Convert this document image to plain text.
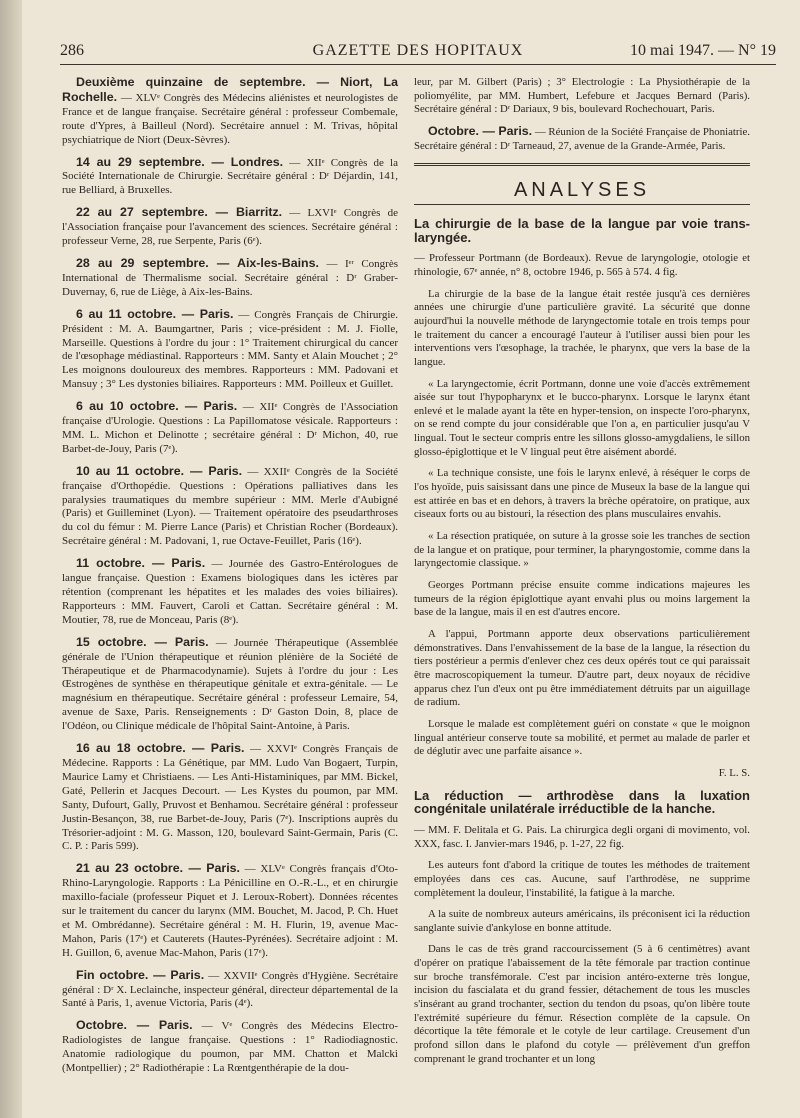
286	GAZETTE DES HOPITAUX	10 mai 1947. — N° 19

Deuxième quinzaine de septembre. — Niort, La Rochelle. — XLVᵉ Congrès des Médecins aliénistes et neurologistes de France et de langue française. Secrétaire général : professeur Combemale, route d'Ypres, à Bailleul (Nord). Secrétaire annuel : M. Trivas, hôpital psychiatrique de Niort (Deux-Sèvres).

14 au 29 septembre. — Londres. — XIIᵉ Congrès de la Société Internationale de Chirurgie. Secrétaire général : Dʳ Déjardin, 141, rue Belliard, à Bruxelles.

22 au 27 septembre. — Biarritz. — LXVIᵉ Congrès de l'Association française pour l'avancement des sciences. Secrétaire général : professeur Verne, 28, rue Serpente, Paris (6ᵉ).

28 au 29 septembre. — Aix-les-Bains. — Iᵉʳ Congrès International de Thermalisme social. Secrétaire général : Dʳ Graber-Duvernay, 6, rue de Liège, à Aix-les-Bains.

6 au 11 octobre. — Paris. — Congrès Français de Chirurgie. Président : M. A. Baumgartner, Paris ; vice-président : M. J. Fiolle, Marseille. Questions à l'ordre du jour : 1° Traitement chirurgical du cancer de l'œsophage médiastinal. Rapporteurs : MM. Santy et Alain Mouchet ; 2° Les moignons douloureux des membres. Rapporteurs : MM. Padovani et Mansuy ; 3° Les dystonies biliaires. Rapporteurs : MM. Poilleux et Guillet.

6 au 10 octobre. — Paris. — XIIᵉ Congrès de l'Association française d'Urologie. Questions : La Papillomatose vésicale. Rapporteurs : MM. L. Michon et Delinotte ; secrétaire général : Dʳ Michon, 40, rue Barbet-de-Jouy, Paris (7ᵉ).

10 au 11 octobre. — Paris. — XXIIᵉ Congrès de la Société française d'Orthopédie. Questions : Opérations palliatives dans les paralysies traumatiques du membre supérieur : MM. Merle d'Aubigné (Paris) et Guilleminet (Lyon). — Traitement opératoire des pseudarthroses du col du fémur : M. Pierre Lance (Paris) et Christian Rocher (Bordeaux). Secrétaire général : M. Padovani, 1, rue Octave-Feuillet, Paris (16ᵉ).

11 octobre. — Paris. — Journée des Gastro-Entérologues de langue française. Question : Examens biologiques dans les ictères par rétention (comprenant les hépatites et les malades des voies biliaires). Rapporteurs : MM. Fauvert, Caroli et Cattan. Secrétaire général : M. Moutier, 78, rue de Monceau, Paris (8ᵉ).

15 octobre. — Paris. — Journée Thérapeutique (Assemblée générale de l'Union thérapeutique et réunion plénière de la Société de Thérapeutique et de Pharmacodynamie). Sujets à l'ordre du jour : Les Œstrogènes de synthèse en thérapeutique génitale et extra-génitale. — Le magnésium en thérapeutique. Secrétaire général : professeur Lemaire, 54, avenue de Saxe, Paris. Renseignements : Dʳ Gaston Doin, 8, place de l'Odéon, ou Clinique médicale de l'hôpital Saint-Antoine, à Paris.

16 au 18 octobre. — Paris. — XXVIᵉ Congrès Français de Médecine. Rapports : La Génétique, par MM. Ludo Van Bogaert, Turpin, Maurice Lamy et Christiaens. — Les Anti-Histaminiques, par MM. Bickel, Gaté, Pellerin et Jacques Decourt. — Les Kystes du poumon, par MM. Santy, Dufourt, Gally, Pruvost et Benhamou. Secrétaire général : professeur Justin-Besançon, 38, rue Barbet-de-Jouy, Paris (7ᵉ). Inscriptions auprès du Trésorier-adjoint : M. G. Masson, 120, boulevard Saint-Germain, Paris (C. C. P. : Paris 599).

21 au 23 octobre. — Paris. — XLVᵉ Congrès français d'Oto-Rhino-Laryngologie. Rapports : La Pénicilline en O.-R.-L., et en chirurgie maxillo-faciale (professeur Piquet et J. Leroux-Robert). Données récentes sur le traitement du cancer du larynx (MM. Bouchet, M. Jacod, P. Ch. Huet et M. Ombrédanne). Secrétaire général : M. H. Flurin, 19, avenue Mac-Mahon, Paris (17ᵉ) et Cauterets (Hautes-Pyrénées). Secrétaire adjoint : M. H. Guillon, 6, avenue Mac-Mahon, Paris (17ᵉ).

Fin octobre. — Paris. — XXVIIᵉ Congrès d'Hygiène. Secrétaire général : Dʳ X. Leclainche, inspecteur général, directeur départemental de la Santé à Paris, 1, avenue Victoria, Paris (4ᵉ).

Octobre. — Paris. — Vᵉ Congrès des Médecins Electro-Radiologistes de langue française. Questions : 1° Radiodiagnostic. Anatomie radiologique du poumon, par MM. Chatton et Malcki (Montpellier) ; 2° Radiothérapie : La Rœntgenthérapie de la dou-

leur, par M. Gilbert (Paris) ; 3° Electrologie : La Physiothérapie de la poliomyélite, par MM. Humbert, Lefebure et Jacques Bernard (Paris). Secrétaire général : Dʳ Dariaux, 9 bis, boulevard Rochechouart, Paris.

Octobre. — Paris. — Réunion de la Société Française de Phoniatrie. Secrétaire général : Dʳ Tarneaud, 27, avenue de la Grande-Armée, Paris.

ANALYSES

La chirurgie de la base de la langue par voie trans-laryngée.

— Professeur Portmann (de Bordeaux). Revue de laryngologie, otologie et rhinologie, 67ᵉ année, n° 8, octobre 1946, p. 565 à 574. 4 fig.

La chirurgie de la base de la langue était restée jusqu'à ces dernières années une chirurgie d'une particulière gravité. La sécurité que donne aujourd'hui la nouvelle méthode de laryngectomie totale en trois temps pour le traitement du cancer a encouragé l'auteur à l'utiliser aussi bien pour les interventions vers l'œsophage, la trachée, le pharynx, que vers la base de la langue.

« La laryngectomie, écrit Portmann, donne une voie d'accès extrêmement aisée sur tout l'hypopharynx et le bucco-pharynx. Lorsque le larynx étant enlevé et le malade ayant la tête en hyper-tension, on inspecte l'oro-pharynx, on se rend compte du jour considérable que l'on a, en particulier jusqu'au V lingual. Tout le secteur compris entre les sillons glosso-amygdaliens, le sillon glosso-épiglottique et le V lingual peut être aisément abordé.

« La technique consiste, une fois le larynx enlevé, à réséquer le corps de l'os hyoïde, puis saisissant dans une pince de Museux la base de la langue qui est attirée en bas et en dehors, à travers la brèche opératoire, on pratique, aux ciseaux forts ou au bistouri, la résection des plans musculaires envahis.

« La résection pratiquée, on suture à la grosse soie les tranches de section de la langue et on pratique, pour terminer, la pharyngostomie, comme dans la laryngectomie classique. »

Georges Portmann précise ensuite comme indications majeures les tumeurs de la région épiglottique ayant envahi plus ou moins largement la base de la langue, mais il en est d'autres encore.

A l'appui, Portmann apporte deux observations particulièrement démonstratives. Dans l'envahissement de la base de la langue, la résection du tiers postérieur a permis d'enlever chez ces deux opérés tout ce qui paraissait être macroscopiquement la tumeur. D'autre part, deux noyaux de récidive apparus chez l'un d'eux ont pu être immédiatement détruits par un aiguillage de radium.

Lorsque le malade est complètement guéri on constate « que le moignon lingual antérieur conserve toute sa mobilité, et permet au malade de parler et de déglutir avec une parfaite aisance ».

F. L. S.

La réduction — arthrodèse dans la luxation congénitale unilatérale irréductible de la hanche.

— MM. F. Delitala et G. Pais. La chirurgica degli organi di movimento, vol. XXX, fasc. I. Janvier-mars 1946, p. 1-27, 22 fig.

Les auteurs font d'abord la critique de toutes les méthodes de traitement employées dans ces cas. Aucune, sauf l'arthrodèse, ne supprime complètement la douleur, l'instabilité, la fatigue à la marche.

A la suite de nombreux auteurs américains, ils préconisent ici la réduction sanglante suivie d'ankylose en bonne attitude.

Dans le cas de très grand raccourcissement (5 à 6 centimètres) avant d'opérer on pratique l'abaissement de la tête fémorale par traction continue sur broche transfémorale. C'est par incision antéro-externe très longue, incision du fascialata et du grand fessier, détachement de tous les muscles s'insérant au grand trochanter, section du tendon du psoas, qu'on libère toute l'extrémité supérieure du fémur. Résection complète de la capsule. On décortique la tête fémorale et le cotyle de leur cartilage. Creusement d'un profond sillon dans le plafond du cotyle — prélèvement d'un greffon comprenant le grand trochanter et un long
